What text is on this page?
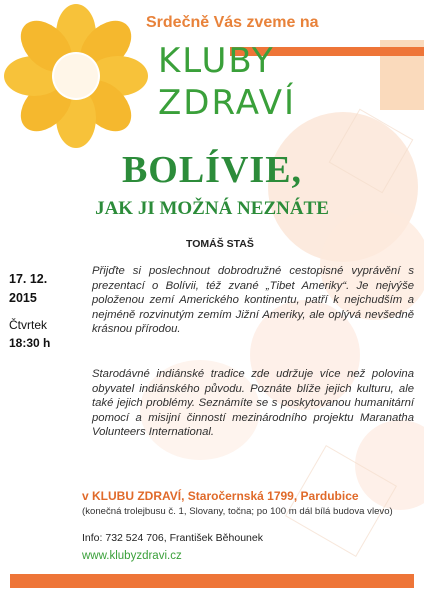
Srdečně Vás zveme na

KLUBY

ZDRAVÍ

BOLÍVIE,
JAK JI MOŽNÁ NEZNÁTE

TOMÁŠ STAŠ

17. 12.
2015

Čtvrtek
18:30 h

Přijďte si poslechnout dobrodružné cestopisné vyprávění s prezentací o Bolívii, též zvané „Tibet Ameriky“. Je nejvýše položenou zemí Amerického kontinentu, patří k nejchudším a nejméně rozvinutým zemím Jižní Ameriky, ale oplývá nevšedně krásnou přírodou.

Starodávné indiánské tradice zde udržuje více než polovina obyvatel indiánského původu. Poznáte blíže jejich kulturu, ale také jejich problémy. Seznámíte se s poskytovanou humanitární pomocí a misijní činností mezinárodního projektu Maranatha Volunteers International.

v KLUBU ZDRAVÍ, Staročernská 1799, Pardubice

(konečná trolejbusu č. 1, Slovany, točna; po 100 m dál bílá budova vlevo)

Info: 732 524 706, František Běhounek

www.klubyzdravi.cz
